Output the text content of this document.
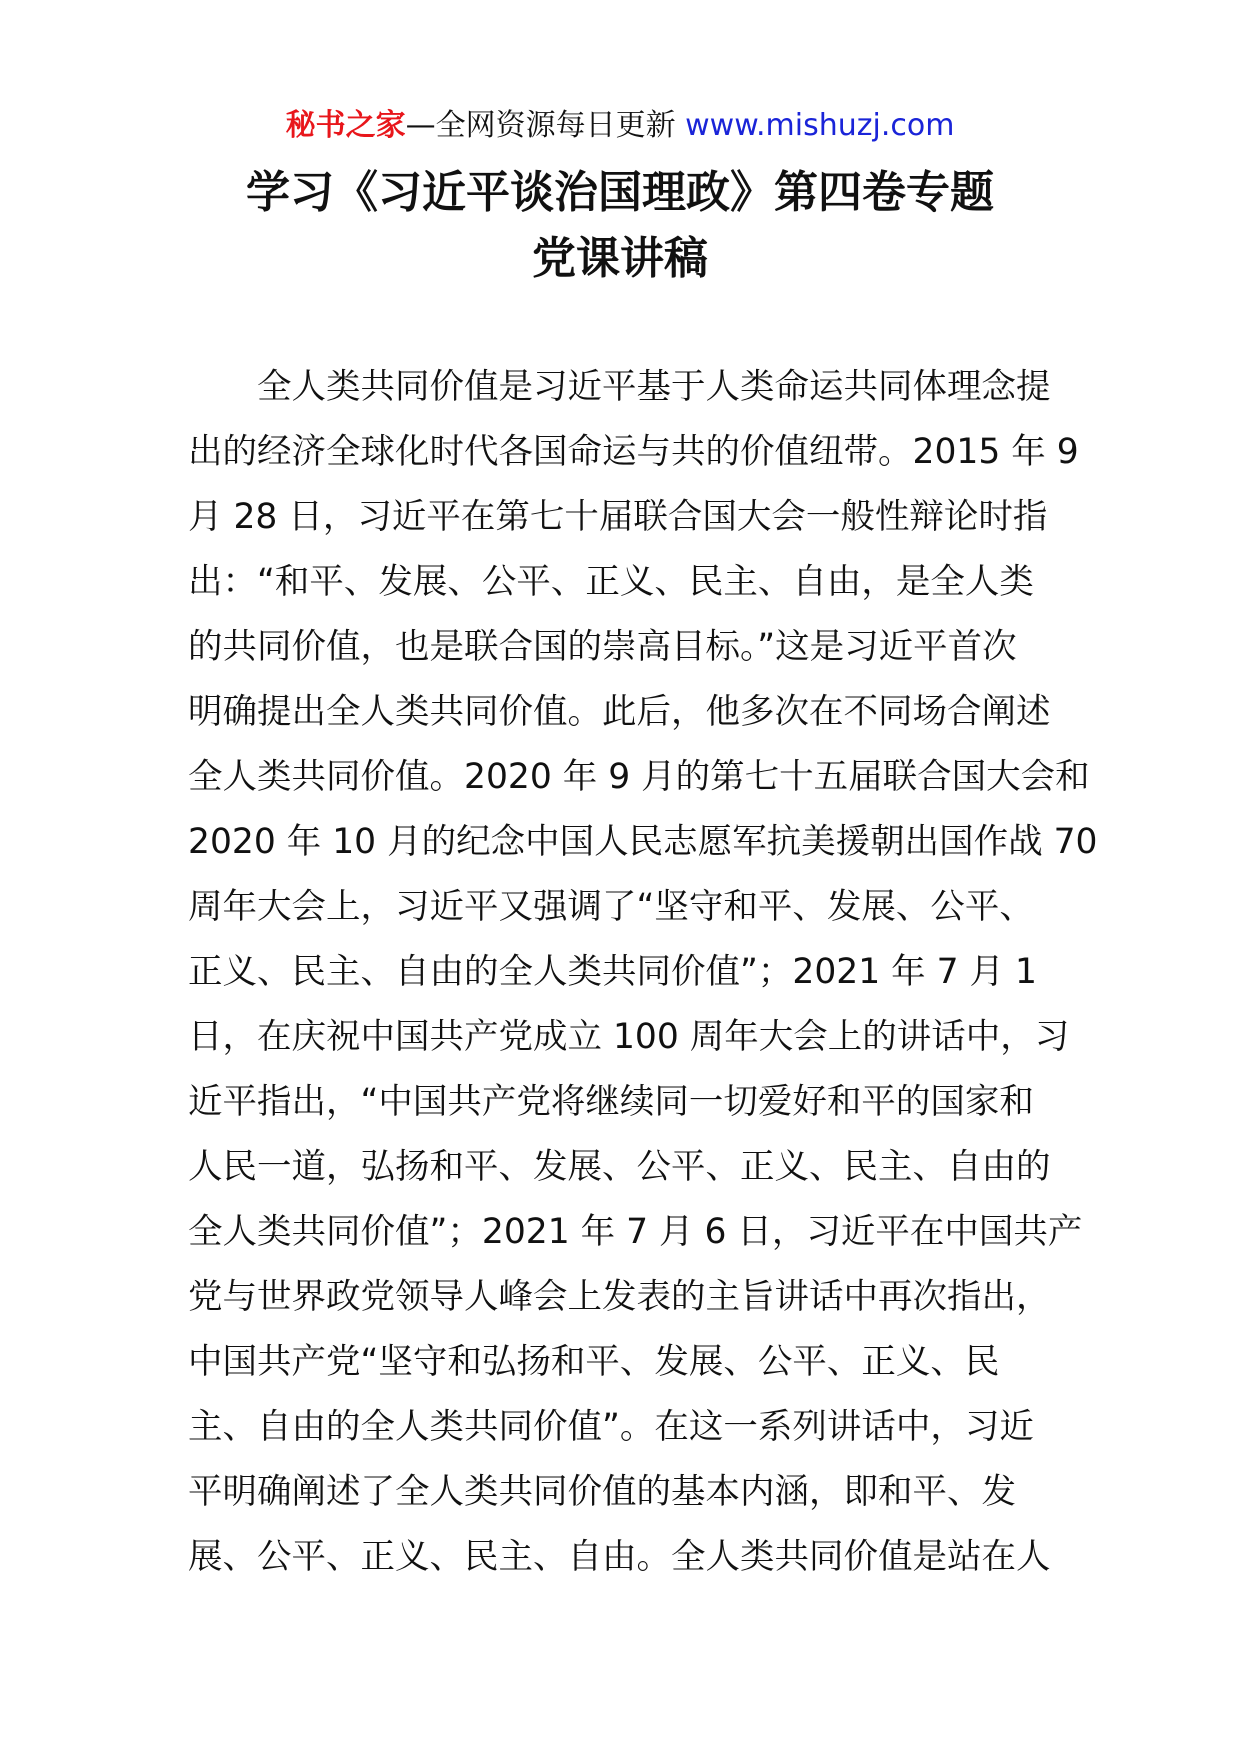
秘书之家—全网资源每日更新 www.mishuzj.com
学习《习近平谈治国理政》第四卷专题
党课讲稿
　　全人类共同价值是习近平基于人类命运共同体理念提
出的经济全球化时代各国命运与共的价值纽带。2015 年 9
月 28 日，习近平在第七十届联合国大会一般性辩论时指
出：“和平、发展、公平、正义、民主、自由，是全人类
的共同价值，也是联合国的崇高目标。”这是习近平首次
明确提出全人类共同价值。此后，他多次在不同场合阐述
全人类共同价值。2020 年 9 月的第七十五届联合国大会和
2020 年 10 月的纪念中国人民志愿军抗美援朝出国作战 70
周年大会上，习近平又强调了“坚守和平、发展、公平、
正义、民主、自由的全人类共同价值”；2021 年 7 月 1
日，在庆祝中国共产党成立 100 周年大会上的讲话中，习
近平指出，“中国共产党将继续同一切爱好和平的国家和
人民一道，弘扬和平、发展、公平、正义、民主、自由的
全人类共同价值”；2021 年 7 月 6 日，习近平在中国共产
党与世界政党领导人峰会上发表的主旨讲话中再次指出，
中国共产党“坚守和弘扬和平、发展、公平、正义、民
主、自由的全人类共同价值”。在这一系列讲话中，习近
平明确阐述了全人类共同价值的基本内涵，即和平、发
展、公平、正义、民主、自由。全人类共同价值是站在人
